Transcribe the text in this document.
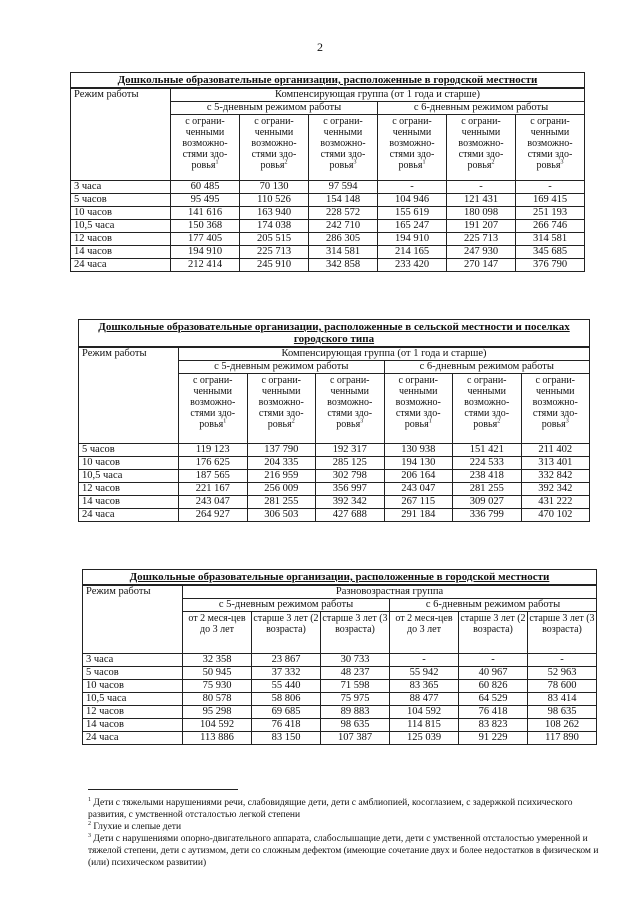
2
Дошкольные образовательные организации, расположенные в городской местности						
Режим работы	Компенсирующая группа (от 1 года и старше)					
	с 5-дневным режимом работы			с 6-дневным режимом работы		
	с ограни-ченными возможно-стями здо-ровья$^1$	с ограни-ченными возможно-стями здо-ровья$^2$	с ограни-ченными возможно-стями здо-ровья$^3$	с ограни-ченными возможно-стями здо-ровья$^1$	с ограни-ченными возможно-стями здо-ровья$^2$	с ограни-ченными возможно-стями здо-ровья$^3$
3 часа	60 485	70 130	97 594	-	-	-
5 часов	95 495	110 526	154 148	104 946	121 431	169 415
10 часов	141 616	163 940	228 572	155 619	180 098	251 193
10,5 часа	150 368	174 038	242 710	165 247	191 207	266 746
12 часов	177 405	205 515	286 305	194 910	225 713	314 581
14 часов	194 910	225 713	314 581	214 165	247 930	345 685
24 часа	212 414	245 910	342 858	233 420	270 147	376 790
Дошкольные образовательные организации, расположенные в сельской местности и поселках городского типа						
Режим работы	Компенсирующая группа (от 1 года и старше)					
	с 5-дневным режимом работы			с 6-дневным режимом работы		
	с ограни-ченными возможно-стями здо-ровья$^1$	с ограни-ченными возможно-стями здо-ровья$^2$	с ограни-ченными возможно-стями здо-ровья$^3$	с ограни-ченными возможно-стями здо-ровья$^1$	с ограни-ченными возможно-стями здо-ровья$^2$	с ограни-ченными возможно-стями здо-ровья$^3$
5 часов	119 123	137 790	192 317	130 938	151 421	211 402
10 часов	176 625	204 335	285 125	194 130	224 533	313 401
10,5 часа	187 565	216 959	302 798	206 164	238 418	332 842
12 часов	221 167	256 009	356 997	243 047	281 255	392 342
14 часов	243 047	281 255	392 342	267 115	309 027	431 222
24 часа	264 927	306 503	427 688	291 184	336 799	470 102
Дошкольные образовательные организации, расположенные в городской местности						
Режим работы	Разновозрастная группа					
	с 5-дневным режимом работы			с 6-дневным режимом работы		
	от 2 меся-цев до 3 лет	старше 3 лет (2 возраста)	старше 3 лет (3 возраста)	от 2 меся-цев до 3 лет	старше 3 лет (2 возраста)	старше 3 лет (3 возраста)
3 часа	32 358	23 867	30 733	-	-	-
5 часов	50 945	37 332	48 237	55 942	40 967	52 963
10 часов	75 930	55 440	71 598	83 365	60 826	78 600
10,5 часа	80 578	58 806	75 975	88 477	64 529	83 414
12 часов	95 298	69 685	89 883	104 592	76 418	98 635
14 часов	104 592	76 418	98 635	114 815	83 823	108 262
24 часа	113 886	83 150	107 387	125 039	91 229	117 890

$^1$ Дети с тяжелыми нарушениями речи, слабовидящие дети, дети с амблиопией, косоглазием, с задержкой психического развития, с умственной отсталостью легкой степени

$^2$ Глухие и слепые дети

$^3$ Дети с нарушениями опорно-двигательного аппарата, слабослышащие дети, дети с умственной отсталостью умеренной и тяжелой степени, дети с аутизмом, дети со сложным дефектом (имеющие сочетание двух и более недостатков в физическом и (или) психическом развитии)
